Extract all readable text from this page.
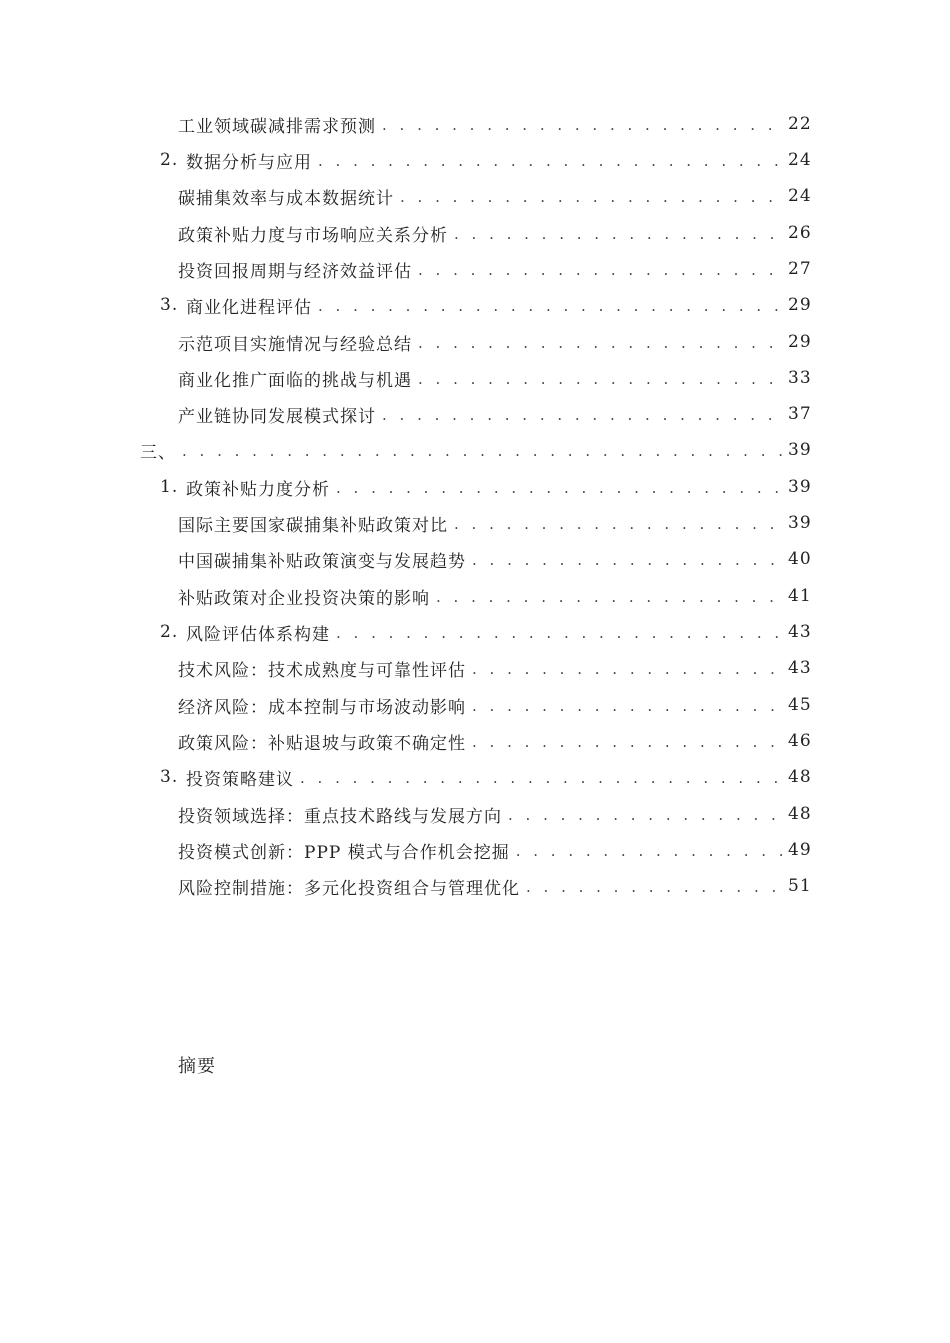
工业领域碳减排需求预测 . . .	22
2. 数据分析与应用 . . .	24
碳捕集效率与成本数据统计 . . .	24
政策补贴力度与市场响应关系分析 . . .	26
投资回报周期与经济效益评估 . . .	27
3. 商业化进程评估 . . .	29
示范项目实施情况与经验总结 . . .	29
商业化推广面临的挑战与机遇 . . .	33
产业链协同发展模式探讨 . . .	37
三、 . . .	39
1. 政策补贴力度分析 . . .	39
国际主要国家碳捕集补贴政策对比 . . .	39
中国碳捕集补贴政策演变与发展趋势 . . .	40
补贴政策对企业投资决策的影响 . . .	41
2. 风险评估体系构建 . . .	43
技术风险：技术成熟度与可靠性评估 . . .	43
经济风险：成本控制与市场波动影响 . . .	45
政策风险：补贴退坡与政策不确定性 . . .	46
3. 投资策略建议 . . .	48
投资领域选择：重点技术路线与发展方向 . . .	48
投资模式创新：PPP 模式与合作机会挖掘 . . .	49
风险控制措施：多元化投资组合与管理优化 . . .	51
摘要
